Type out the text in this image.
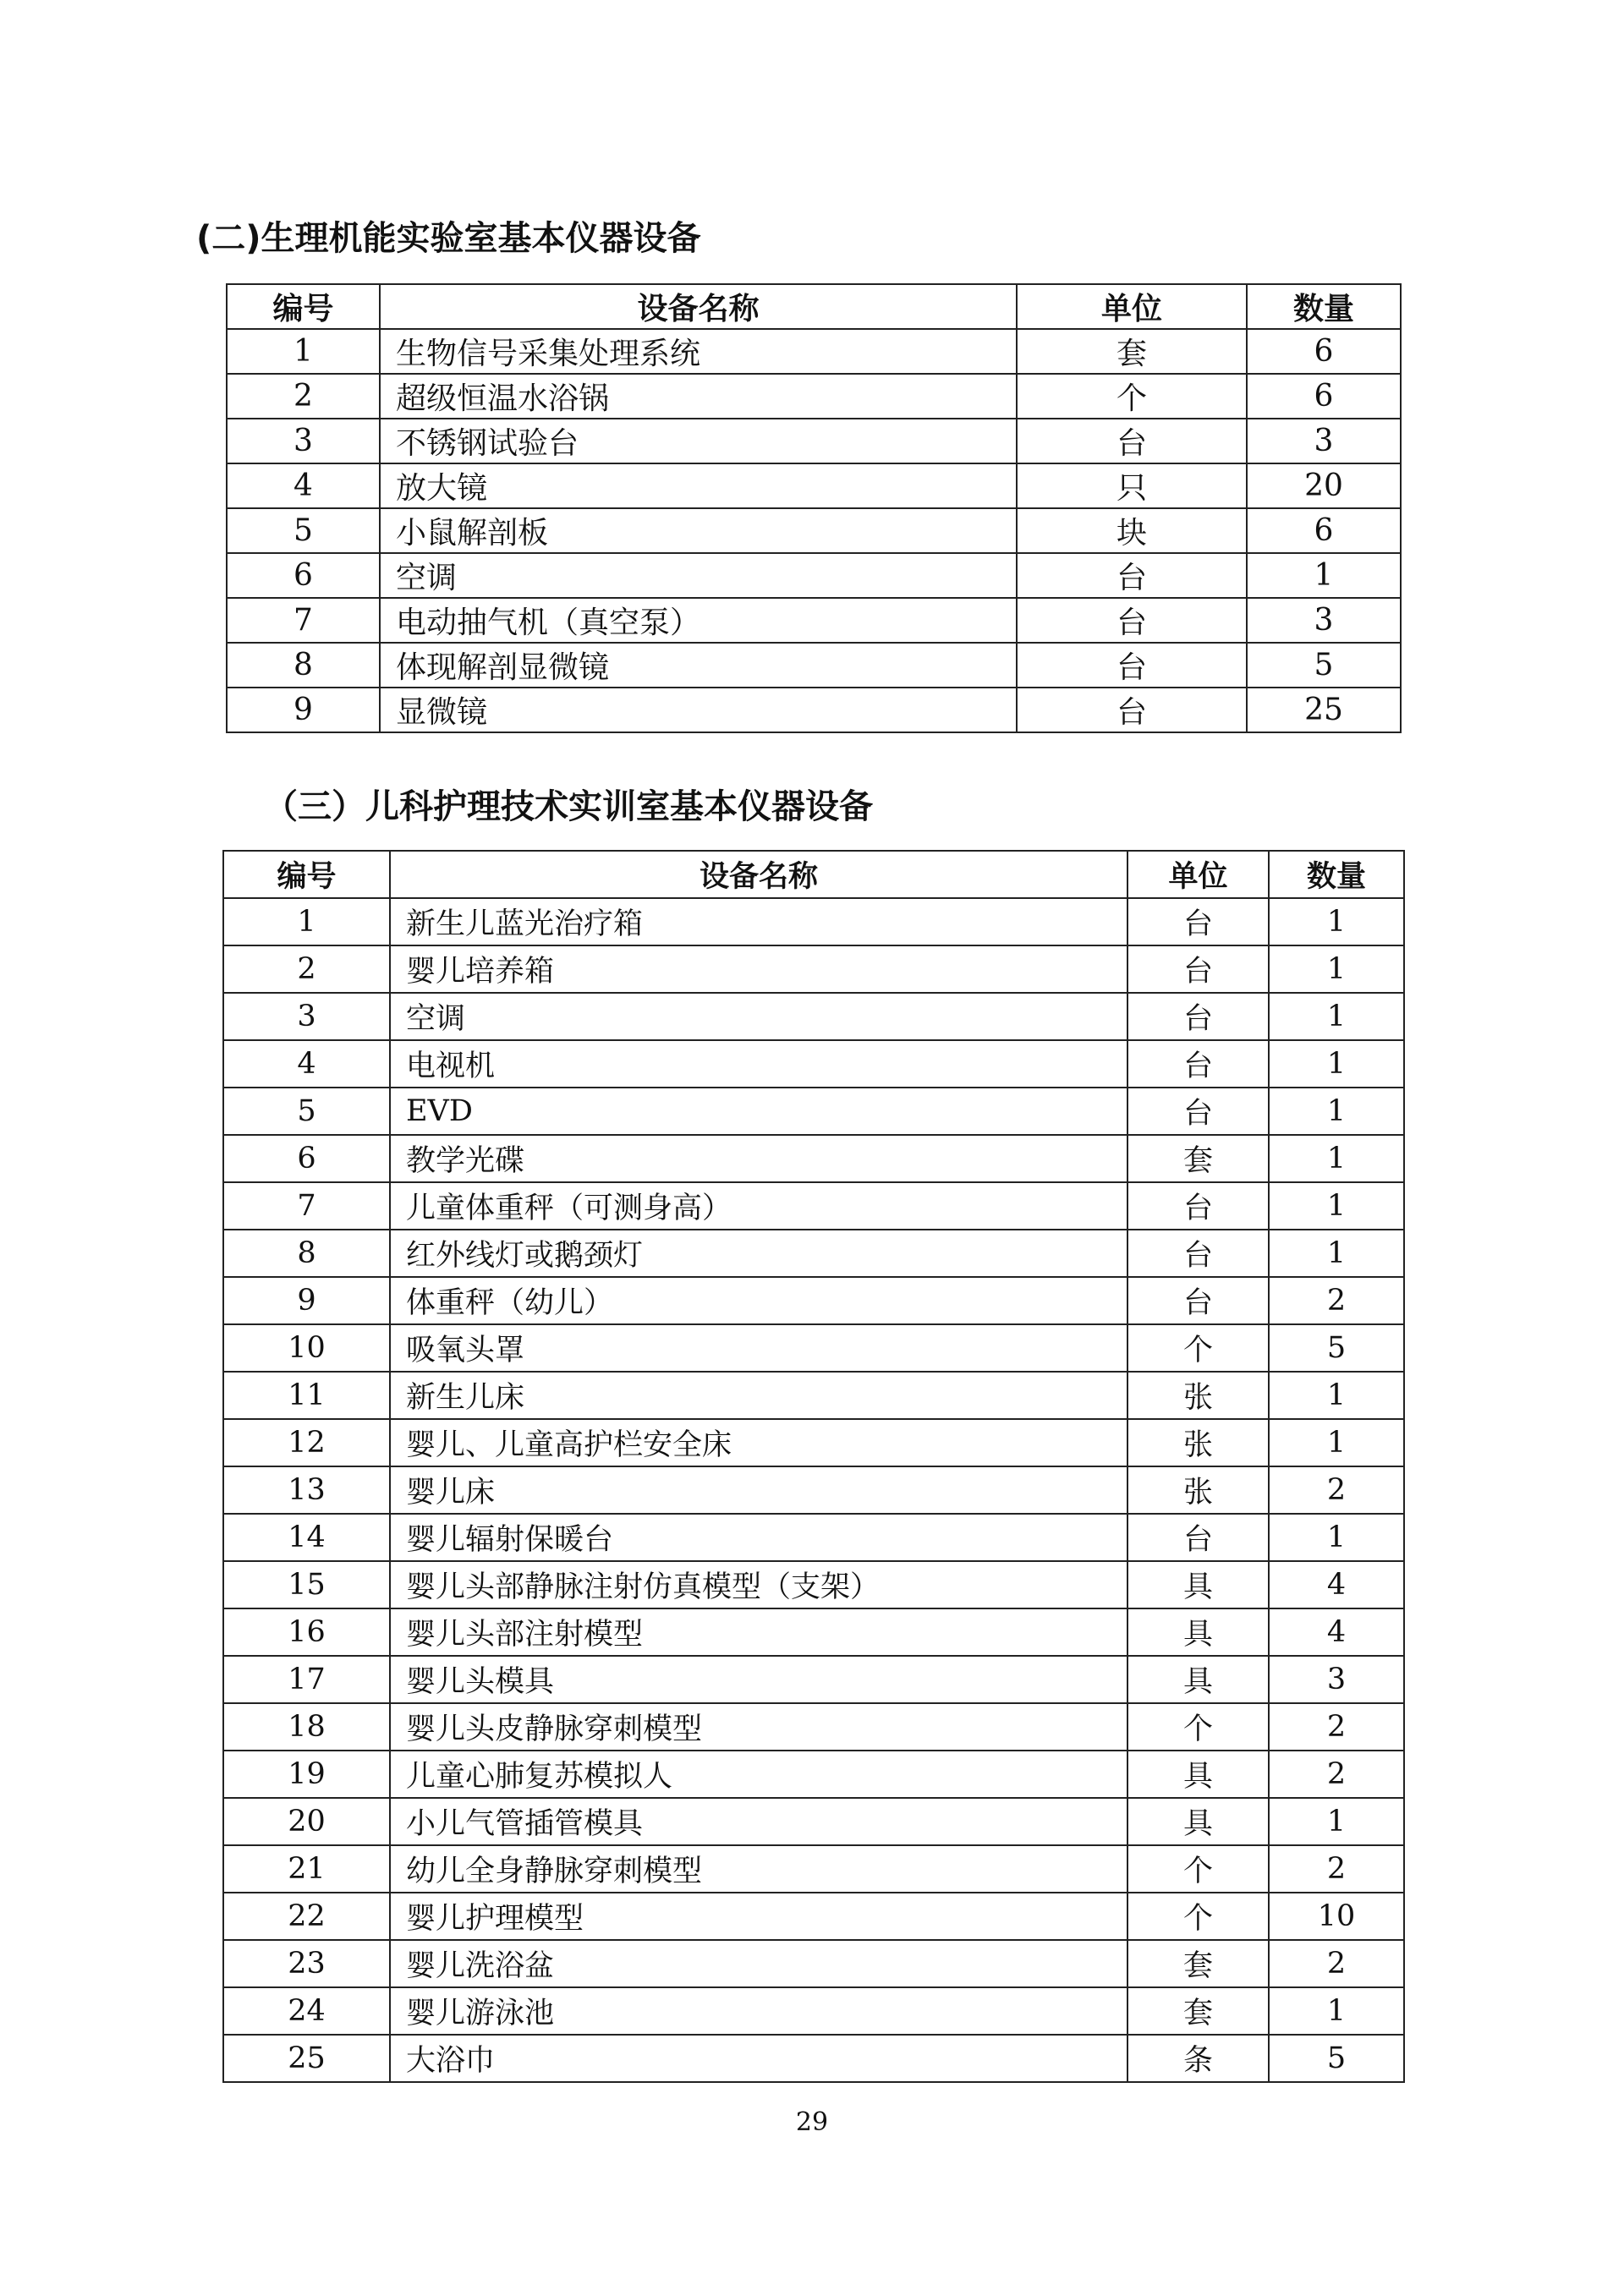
(二)生理机能实验室基本仪器设备
编号	设备名称	单位	数量
1	生物信号采集处理系统	套	6
2	超级恒温水浴锅	个	6
3	不锈钢试验台	台	3
4	放大镜	只	20
5	小鼠解剖板	块	6
6	空调	台	1
7	电动抽气机（真空泵）	台	3
8	体现解剖显微镜	台	5
9	显微镜	台	25
（三）儿科护理技术实训室基本仪器设备
编号	设备名称	单位	数量
1	新生儿蓝光治疗箱	台	1
2	婴儿培养箱	台	1
3	空调	台	1
4	电视机	台	1
5	EVD	台	1
6	教学光碟	套	1
7	儿童体重秤（可测身高）	台	1
8	红外线灯或鹅颈灯	台	1
9	体重秤（幼儿）	台	2
10	吸氧头罩	个	5
11	新生儿床	张	1
12	婴儿、儿童高护栏安全床	张	1
13	婴儿床	张	2
14	婴儿辐射保暖台	台	1
15	婴儿头部静脉注射仿真模型（支架）	具	4
16	婴儿头部注射模型	具	4
17	婴儿头模具	具	3
18	婴儿头皮静脉穿刺模型	个	2
19	儿童心肺复苏模拟人	具	2
20	小儿气管插管模具	具	1
21	幼儿全身静脉穿刺模型	个	2
22	婴儿护理模型	个	10
23	婴儿洗浴盆	套	2
24	婴儿游泳池	套	1
25	大浴巾	条	5
29
